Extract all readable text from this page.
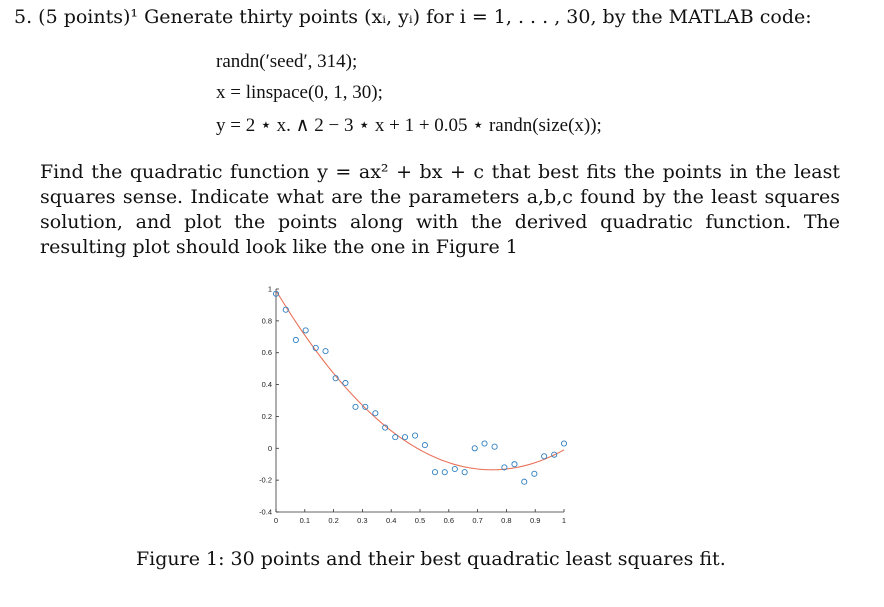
5. (5 points)¹ Generate thirty points (xᵢ, yᵢ) for i = 1, . . . , 30, by the MATLAB code:
randn(′seed′, 314);
x = linspace(0, 1, 30);
y = 2 ⋆ x. ∧ 2 − 3 ⋆ x + 1 + 0.05 ⋆ randn(size(x));

Find the quadratic function y = ax² + bx + c that best fits the points in the least squares sense. Indicate what are the parameters a,b,c found by the least squares solution, and plot the points along with the derived quadratic function. The resulting plot should look like the one in Figure 1

0	0.1 0.2 0.3 0.4 0.5 0.6 0.7 0.8 0.9	1
-0.4
-0.2
0
0.2
0.4
0.6
0.8
1
Figure 1: 30 points and their best quadratic least squares fit.
